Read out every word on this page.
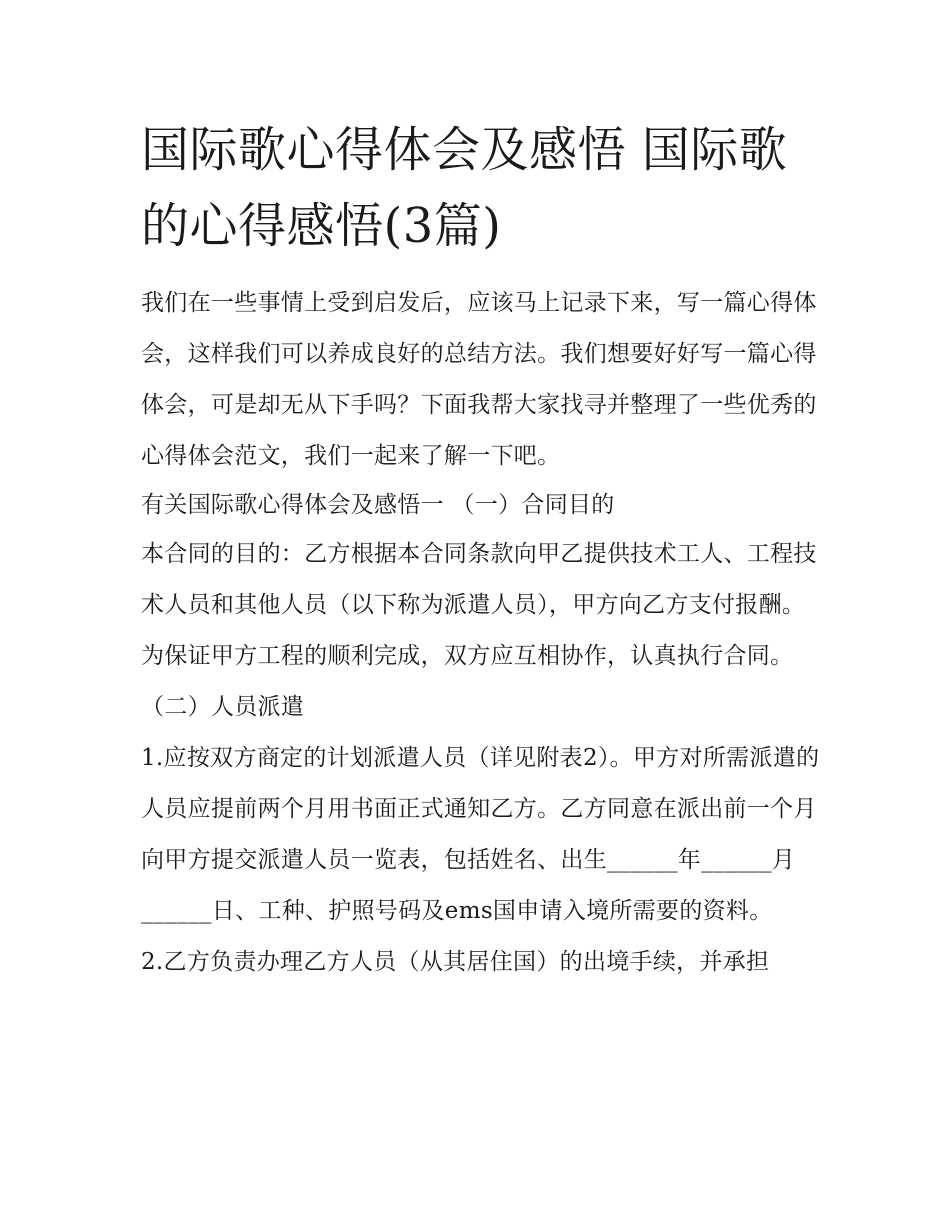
国际歌心得体会及感悟 国际歌的心得感悟(3篇)

我们在一些事情上受到启发后，应该马上记录下来，写一篇心得体会，这样我们可以养成良好的总结方法。我们想要好好写一篇心得体会，可是却无从下手吗？下面我帮大家找寻并整理了一些优秀的心得体会范文，我们一起来了解一下吧。

有关国际歌心得体会及感悟一 （一）合同目的

本合同的目的：乙方根据本合同条款向甲乙提供技术工人、工程技术人员和其他人员（以下称为派遣人员），甲方向乙方支付报酬。

为保证甲方工程的顺利完成，双方应互相协作，认真执行合同。 （二）人员派遣

1.应按双方商定的计划派遣人员（详见附表2）。甲方对所需派遣的人员应提前两个月用书面正式通知乙方。乙方同意在派出前一个月向甲方提交派遣人员一览表，包括姓名、出生______年______月______日、工种、护照号码及ems国申请入境所需要的资料。

2.乙方负责办理乙方人员（从其居住国）的出境手续，并承担
